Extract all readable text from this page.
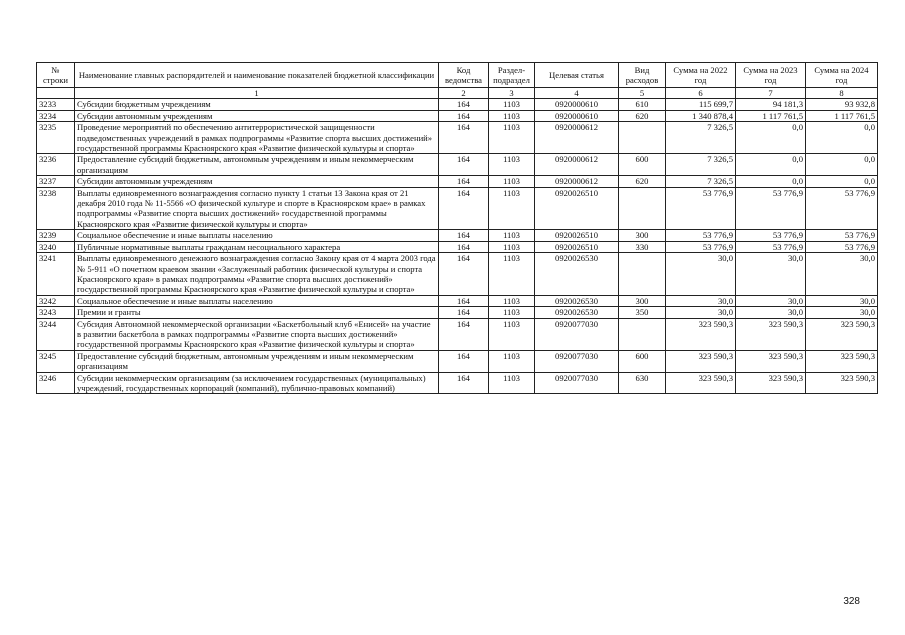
№ строки	Наименование главных распорядителей и наименование показателей бюджетной классификации	Код ведомства	Раздел-подраздел	Целевая статья	Вид расходов	Сумма на 2022 год	Сумма на 2023 год	Сумма на 2024 год
	1	2	3	4	5	6	7	8
3233	Субсидии бюджетным учреждениям	164	1103	0920000610	610	115 699,7	94 181,3	93 932,8
3234	Субсидии автономным учреждениям	164	1103	0920000610	620	1 340 878,4	1 117 761,5	1 117 761,5
3235	Проведение мероприятий по обеспечению антитеррористической защищенности подведомственных учреждений в рамках подпрограммы «Развитие спорта высших достижений» государственной программы Красноярского края «Развитие физической культуры и спорта»	164	1103	0920000612		7 326,5	0,0	0,0
3236	Предоставление субсидий бюджетным, автономным учреждениям и иным некоммерческим организациям	164	1103	0920000612	600	7 326,5	0,0	0,0
3237	Субсидии автономным учреждениям	164	1103	0920000612	620	7 326,5	0,0	0,0
3238	Выплаты единовременного вознаграждения согласно пункту 1 статьи 13 Закона края от 21 декабря 2010 года № 11-5566 «О физической культуре и спорте в Красноярском крае» в рамках подпрограммы «Развитие спорта высших достижений» государственной программы Красноярского края «Развитие физической культуры и спорта»	164	1103	0920026510		53 776,9	53 776,9	53 776,9
3239	Социальное обеспечение и иные выплаты населению	164	1103	0920026510	300	53 776,9	53 776,9	53 776,9
3240	Публичные нормативные выплаты гражданам несоциального характера	164	1103	0920026510	330	53 776,9	53 776,9	53 776,9
3241	Выплаты единовременного денежного вознаграждения согласно Закону края от 4 марта 2003 года № 5-911 «О почетном краевом звании «Заслуженный работник физической культуры и спорта Красноярского края» в рамках подпрограммы «Развитие спорта высших достижений» государственной программы Красноярского края «Развитие физической культуры и спорта»	164	1103	0920026530		30,0	30,0	30,0
3242	Социальное обеспечение и иные выплаты населению	164	1103	0920026530	300	30,0	30,0	30,0
3243	Премии и гранты	164	1103	0920026530	350	30,0	30,0	30,0
3244	Субсидия Автономной некоммерческой организации «Баскетбольный клуб «Енисей» на участие в развитии баскетбола в рамках подпрограммы «Развитие спорта высших достижений» государственной программы Красноярского края «Развитие физической культуры и спорта»	164	1103	0920077030		323 590,3	323 590,3	323 590,3
3245	Предоставление субсидий бюджетным, автономным учреждениям и иным некоммерческим организациям	164	1103	0920077030	600	323 590,3	323 590,3	323 590,3
3246	Субсидии некоммерческим организациям (за исключением государственных (муниципальных) учреждений, государственных корпораций (компаний), публично-правовых компаний)	164	1103	0920077030	630	323 590,3	323 590,3	323 590,3
328
